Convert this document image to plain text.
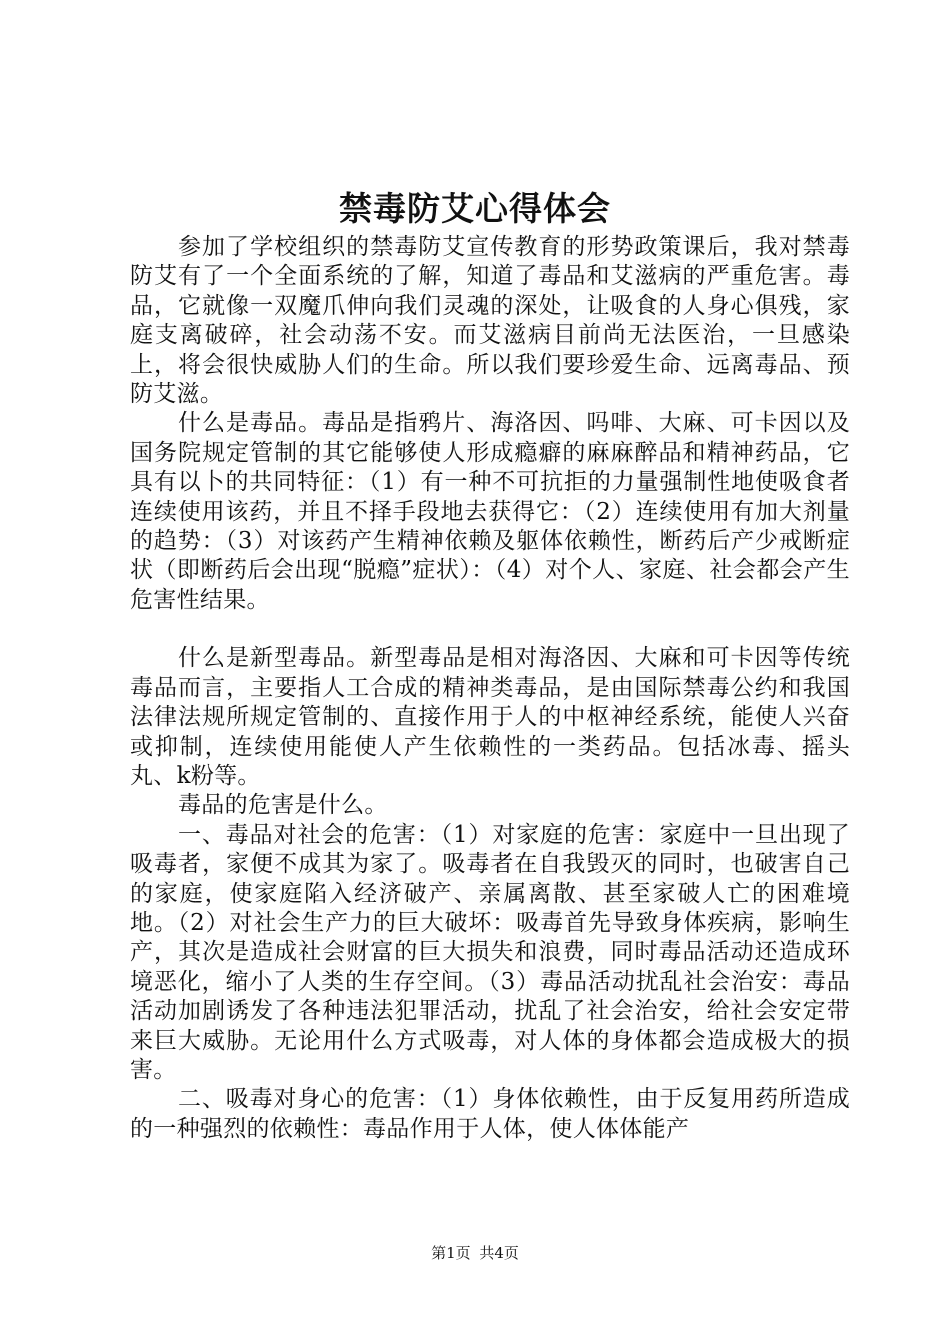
禁毒防艾心得体会

参加了学校组织的禁毒防艾宣传教育的形势政策课后，我对禁毒防艾有了一个全面系统的了解，知道了毒品和艾滋病的严重危害。毒品，它就像一双魔爪伸向我们灵魂的深处，让吸食的人身心俱残，家庭支离破碎，社会动荡不安。而艾滋病目前尚无法医治，一旦感染上，将会很快威胁人们的生命。所以我们要珍爱生命、远离毒品、预防艾滋。

什么是毒品。毒品是指鸦片、海洛因、吗啡、大麻、可卡因以及国务院规定管制的其它能够使人形成瘾癖的麻麻醉品和精神药品，它具有以卜的共同特征：（1）有一种不可抗拒的力量强制性地使吸食者连续使用该药，并且不择手段地去获得它：（2）连续使用有加大剂量的趋势：（3）对该药产生精神依赖及躯体依赖性，断药后产少戒断症状（即断药后会出现“脱瘾”症状）：（4）对个人、家庭、社会都会产生危害性结果。

什么是新型毒品。新型毒品是相对海洛因、大麻和可卡因等传统毒品而言，主要指人工合成的精神类毒品，是由国际禁毒公约和我国法律法规所规定管制的、直接作用于人的中枢神经系统，能使人兴奋或抑制，连续使用能使人产生依赖性的一类药品。包括冰毒、摇头丸、k粉等。

毒品的危害是什么。

一、毒品对社会的危害：（1）对家庭的危害：家庭中一旦出现了吸毒者，家便不成其为家了。吸毒者在自我毁灭的同时，也破害自己的家庭，使家庭陷入经济破产、亲属离散、甚至家破人亡的困难境地。（2）对社会生产力的巨大破坏：吸毒首先导致身体疾病，影响生产，其次是造成社会财富的巨大损失和浪费，同时毒品活动还造成环境恶化，缩小了人类的生存空间。（3）毒品活动扰乱社会治安：毒品活动加剧诱发了各种违法犯罪活动，扰乱了社会治安，给社会安定带来巨大威胁。无论用什么方式吸毒，对人体的身体都会造成极大的损害。

二、吸毒对身心的危害：（1）身体依赖性，由于反复用药所造成的一种强烈的依赖性：毒品作用于人体，使人体体能产

第1页 共4页
